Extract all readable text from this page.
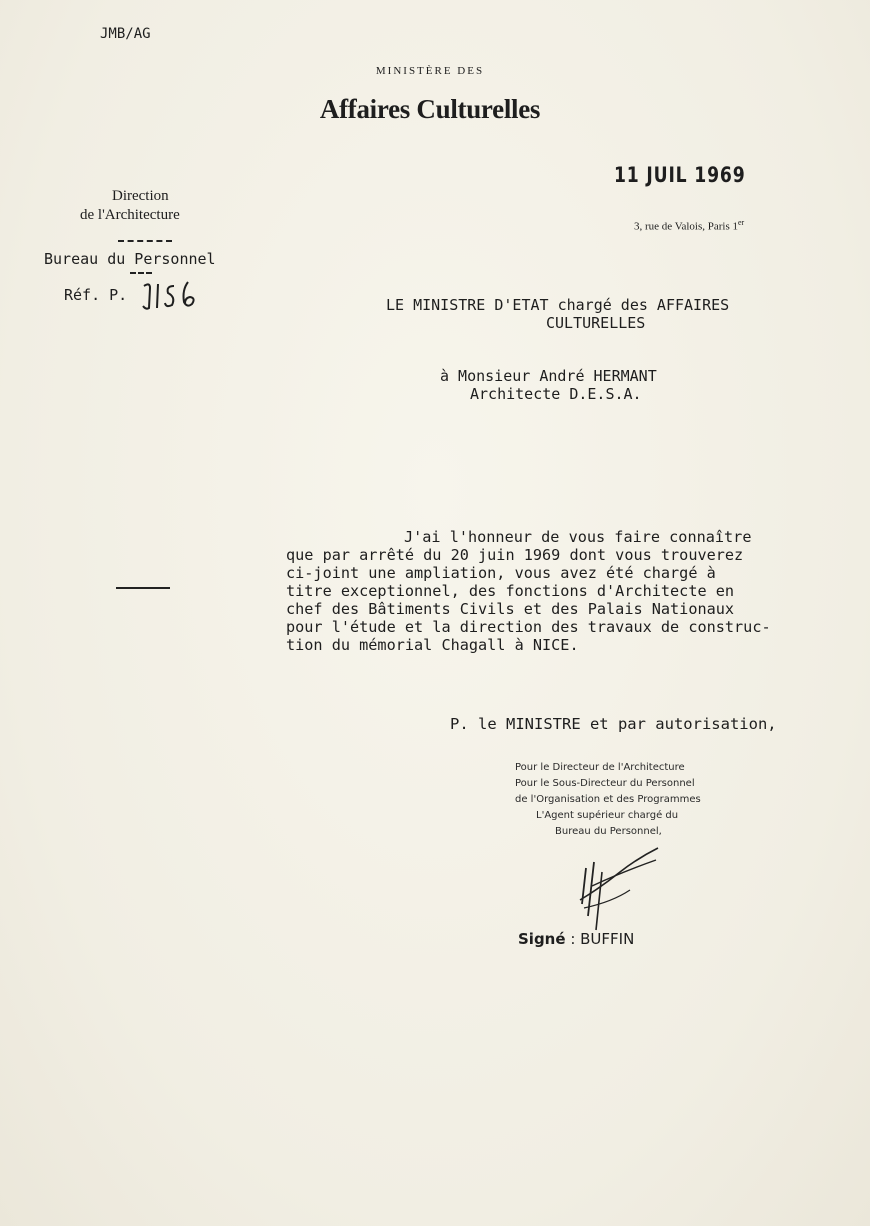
JMB/AG
MINISTÈRE DES
Affaires Culturelles
11 JUIL 1969
3, rue de Valois, Paris 1er
Direction
de l'Architecture
Bureau du Personnel
Réf. P.
LE MINISTRE D'ETAT chargé des AFFAIRES
CULTURELLES
à Monsieur André HERMANT
Architecte D.E.S.A.
J'ai l'honneur de vous faire connaître
que par arrêté du 20 juin 1969 dont vous trouverez
ci-joint une ampliation, vous avez été chargé à
titre exceptionnel, des fonctions d'Architecte en
chef des Bâtiments Civils et des Palais Nationaux
pour l'étude et la direction des travaux de construc-
tion du mémorial Chagall à NICE.
P. le MINISTRE et par autorisation,
Pour le Directeur de l'Architecture
Pour le Sous-Directeur du Personnel
de l'Organisation et des Programmes
L'Agent supérieur chargé du
Bureau du Personnel,
Signé : BUFFIN
